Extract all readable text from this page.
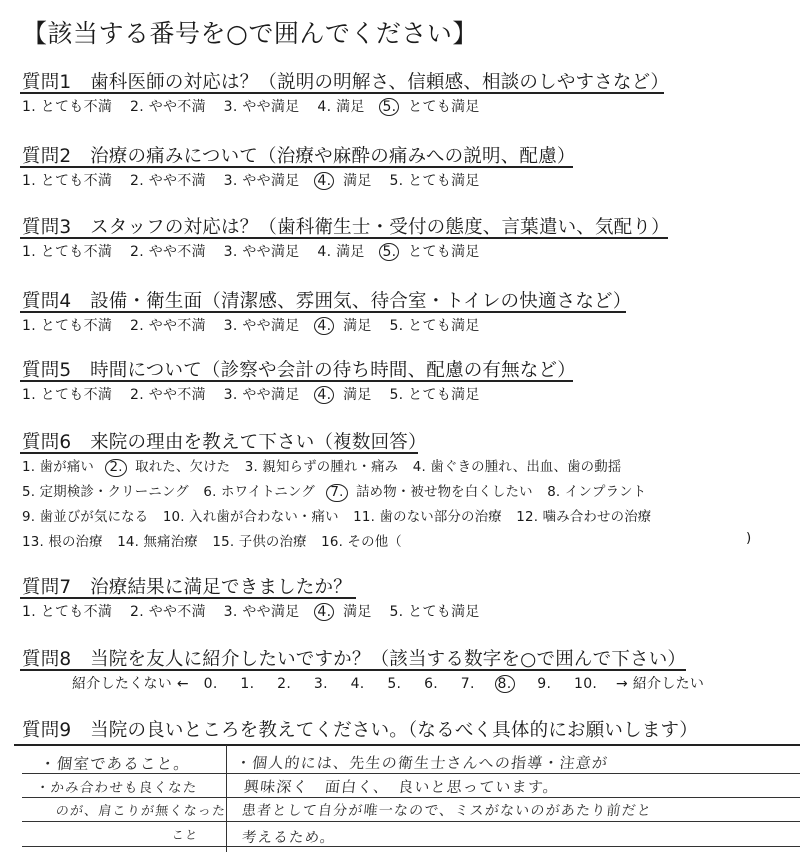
【該当する番号を○で囲んでください】
質問1　歯科医師の対応は？（説明の明解さ、信頼感、相談のしやすさなど）
1. とても不満 2. やや不満 3. やや満足 4. 満足 5. とても満足
質問2　治療の痛みについて（治療や麻酔の痛みへの説明、配慮）
1. とても不満 2. やや不満 3. やや満足 4. 満足 5. とても満足
質問3　スタッフの対応は？（歯科衛生士・受付の態度、言葉遣い、気配り）
1. とても不満 2. やや不満 3. やや満足 4. 満足 5. とても満足
質問4　設備・衛生面（清潔感、雰囲気、待合室・トイレの快適さなど）
1. とても不満 2. やや不満 3. やや満足 4. 満足 5. とても満足
質問5　時間について（診察や会計の待ち時間、配慮の有無など）
1. とても不満 2. やや不満 3. やや満足 4. 満足 5. とても満足
質問6　来院の理由を教えて下さい（複数回答）
1. 歯が痛い 2. 取れた、欠けた 3. 親知らずの腫れ・痛み 4. 歯ぐきの腫れ、出血、歯の動揺
5. 定期検診・クリーニング 6. ホワイトニング 7. 詰め物・被せ物を白くしたい 8. インプラント
9. 歯並びが気になる 10. 入れ歯が合わない・痛い 11. 歯のない部分の治療 12. 噛み合わせの治療
13. 根の治療 14. 無痛治療 15. 子供の治療 16. その他（	)
質問7　治療結果に満足できましたか？
1. とても不満 2. やや不満 3. やや満足 4. 満足 5. とても満足
質問8　当院を友人に紹介したいですか？（該当する数字を○で囲んで下さい）
紹介したくない ← 0. 1. 2. 3. 4. 5. 6. 7. 8. 9. 10. → 紹介したい
質問9　当院の良いところを教えてください。（なるべく具体的にお願いします）
・個室であること。
・かみ合わせも良くなた
のが、肩こりが無くなった
こと
・個人的には、先生の衛生士さんへの指導・注意が
興味深く　面白く、　良いと思っています。
患者として自分が唯一なので、ミスがないのがあたり前だと
考えるため。
